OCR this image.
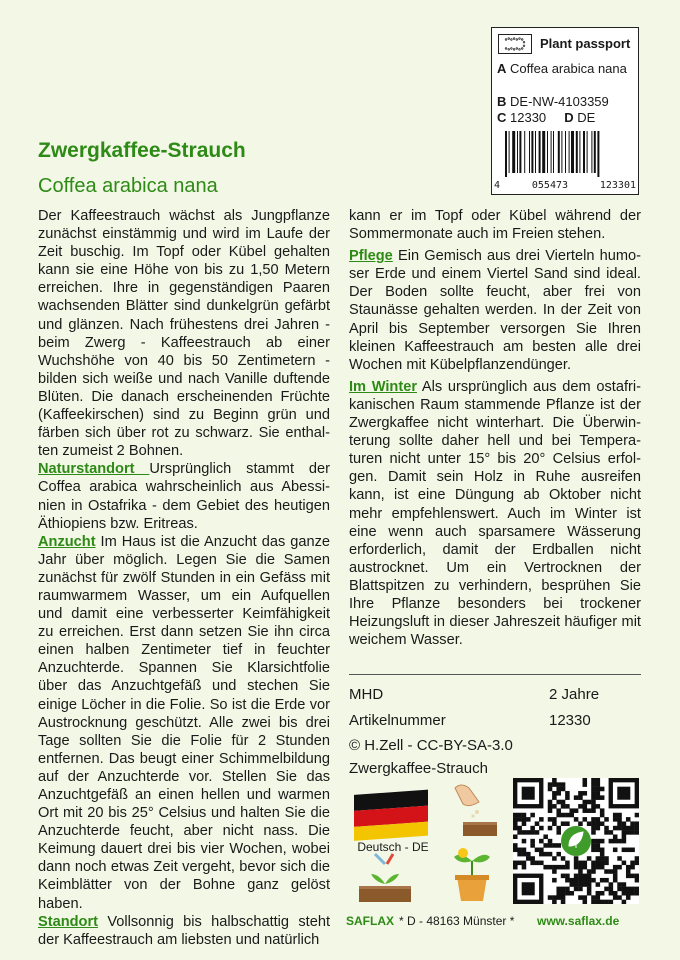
Plant passport
A Coffea arabica nana
B DE-NW-4103359
C 12330 D DE
4	055473	123301
Zwergkaffee-Strauch
Coffea arabica nana

Der Kaffeestrauch wächst als Jungpflanze zunächst einstämmig und wird im Laufe der Zeit buschig. Im Topf oder Kübel gehalten kann sie eine Höhe von bis zu 1,50 Metern erreichen. Ihre in gegenständigen Paaren wachsenden Blätter sind dunkelgrün gefärbt und glänzen. Nach frühestens drei Jahren - beim Zwerg - Kaffeestrauch ab einer Wuchshöhe von 40 bis 50 Zentimetern - bilden sich weiße und nach Vanille duftende Blüten. Die danach erscheinenden Früchte (Kaffeekirschen) sind zu Beginn grün und färben sich über rot zu schwarz. Sie enthalten zumeist 2 Bohnen.

Naturstandort Ursprünglich stammt der Coffea arabica wahrscheinlich aus Abessinien in Ostafrika - dem Gebiet des heutigen Äthiopiens bzw. Eritreas.

Anzucht Im Haus ist die Anzucht das ganze Jahr über möglich. Legen Sie die Samen zunächst für zwölf Stunden in ein Gefäss mit raumwarmem Wasser, um ein Aufquellen und damit eine verbesserter Keimfähigkeit zu erreichen. Erst dann setzen Sie ihn circa einen halben Zentimeter tief in feuchter Anzuchterde. Spannen Sie Klarsichtfolie über das Anzuchtgefäß und stechen Sie einige Löcher in die Folie. So ist die Erde vor Austrocknung geschützt. Alle zwei bis drei Tage sollten Sie die Folie für 2 Stunden entfernen. Das beugt einer Schimmelbildung auf der Anzuchterde vor. Stellen Sie das Anzuchtgefäß an einen hellen und warmen Ort mit 20 bis 25° Celsius und halten Sie die Anzuchterde feucht, aber nicht nass. Die Keimung dauert drei bis vier Wochen, wobei dann noch etwas Zeit vergeht, bevor sich die Keimblätter von der Bohne ganz gelöst haben.

Standort Vollsonnig bis halbschattig steht der Kaffeestrauch am liebsten und natürlich

kann er im Topf oder Kübel während der Sommermonate auch im Freien stehen.

Pflege Ein Gemisch aus drei Vierteln humoser Erde und einem Viertel Sand sind ideal. Der Boden sollte feucht, aber frei von Staunässe gehalten werden. In der Zeit von April bis September versorgen Sie Ihren kleinen Kaffeestrauch am besten alle drei Wochen mit Kübelpflanzendünger.

Im Winter Als ursprünglich aus dem ostafrikanischen Raum stammende Pflanze ist der Zwergkaffee nicht winterhart. Die Überwinterung sollte daher hell und bei Temperaturen nicht unter 15° bis 20° Celsius erfolgen. Damit sein Holz in Ruhe ausreifen kann, ist eine Düngung ab Oktober nicht mehr empfehlenswert. Auch im Winter ist eine wenn auch sparsamere Wässerung erforderlich, damit der Erdballen nicht austrocknet. Um ein Vertrocknen der Blattspitzen zu verhindern, besprühen Sie Ihre Pflanze besonders bei trockener Heizungsluft in dieser Jahreszeit häufiger mit weichem Wasser.

MHD	2 Jahre
Artikelnummer	12330
© H.Zell - CC-BY-SA-3.0
Zwergkaffee-Strauch
Deutsch - DE
SAFLAX * D - 48163 Münster * www.saflax.de
